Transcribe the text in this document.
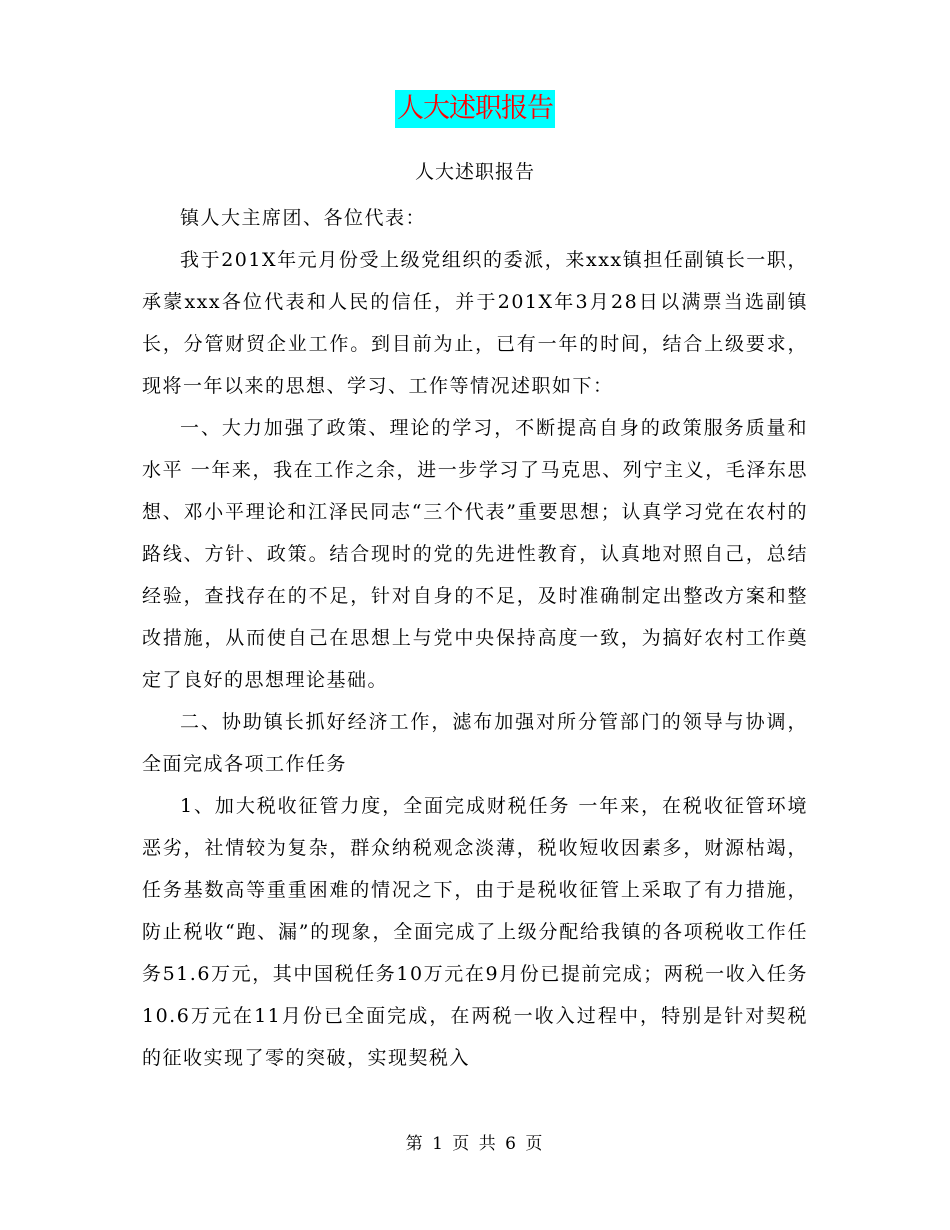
人大述职报告
人大述职报告

镇人大主席团、各位代表：

我于201X年元月份受上级党组织的委派，来xxx镇担任副镇长一职，承蒙xxx各位代表和人民的信任，并于201X年3月28日以满票当选副镇长，分管财贸企业工作。到目前为止，已有一年的时间，结合上级要求，现将一年以来的思想、学习、工作等情况述职如下：

一、大力加强了政策、理论的学习，不断提高自身的政策服务质量和水平 一年来，我在工作之余，进一步学习了马克思、列宁主义，毛泽东思想、邓小平理论和江泽民同志“三个代表”重要思想；认真学习党在农村的路线、方针、政策。结合现时的党的先进性教育，认真地对照自己，总结经验，查找存在的不足，针对自身的不足，及时准确制定出整改方案和整改措施，从而使自己在思想上与党中央保持高度一致，为搞好农村工作奠定了良好的思想理论基础。

二、协助镇长抓好经济工作，滤布加强对所分管部门的领导与协调，全面完成各项工作任务

1、加大税收征管力度，全面完成财税任务 一年来，在税收征管环境恶劣，社情较为复杂，群众纳税观念淡薄，税收短收因素多，财源枯竭，任务基数高等重重困难的情况之下，由于是税收征管上采取了有力措施，防止税收“跑、漏”的现象，全面完成了上级分配给我镇的各项税收工作任务51.6万元，其中国税任务10万元在9月份已提前完成；两税一收入任务10.6万元在11月份已全面完成，在两税一收入过程中，特别是针对契税的征收实现了零的突破，实现契税入

第 1 页 共 6 页
